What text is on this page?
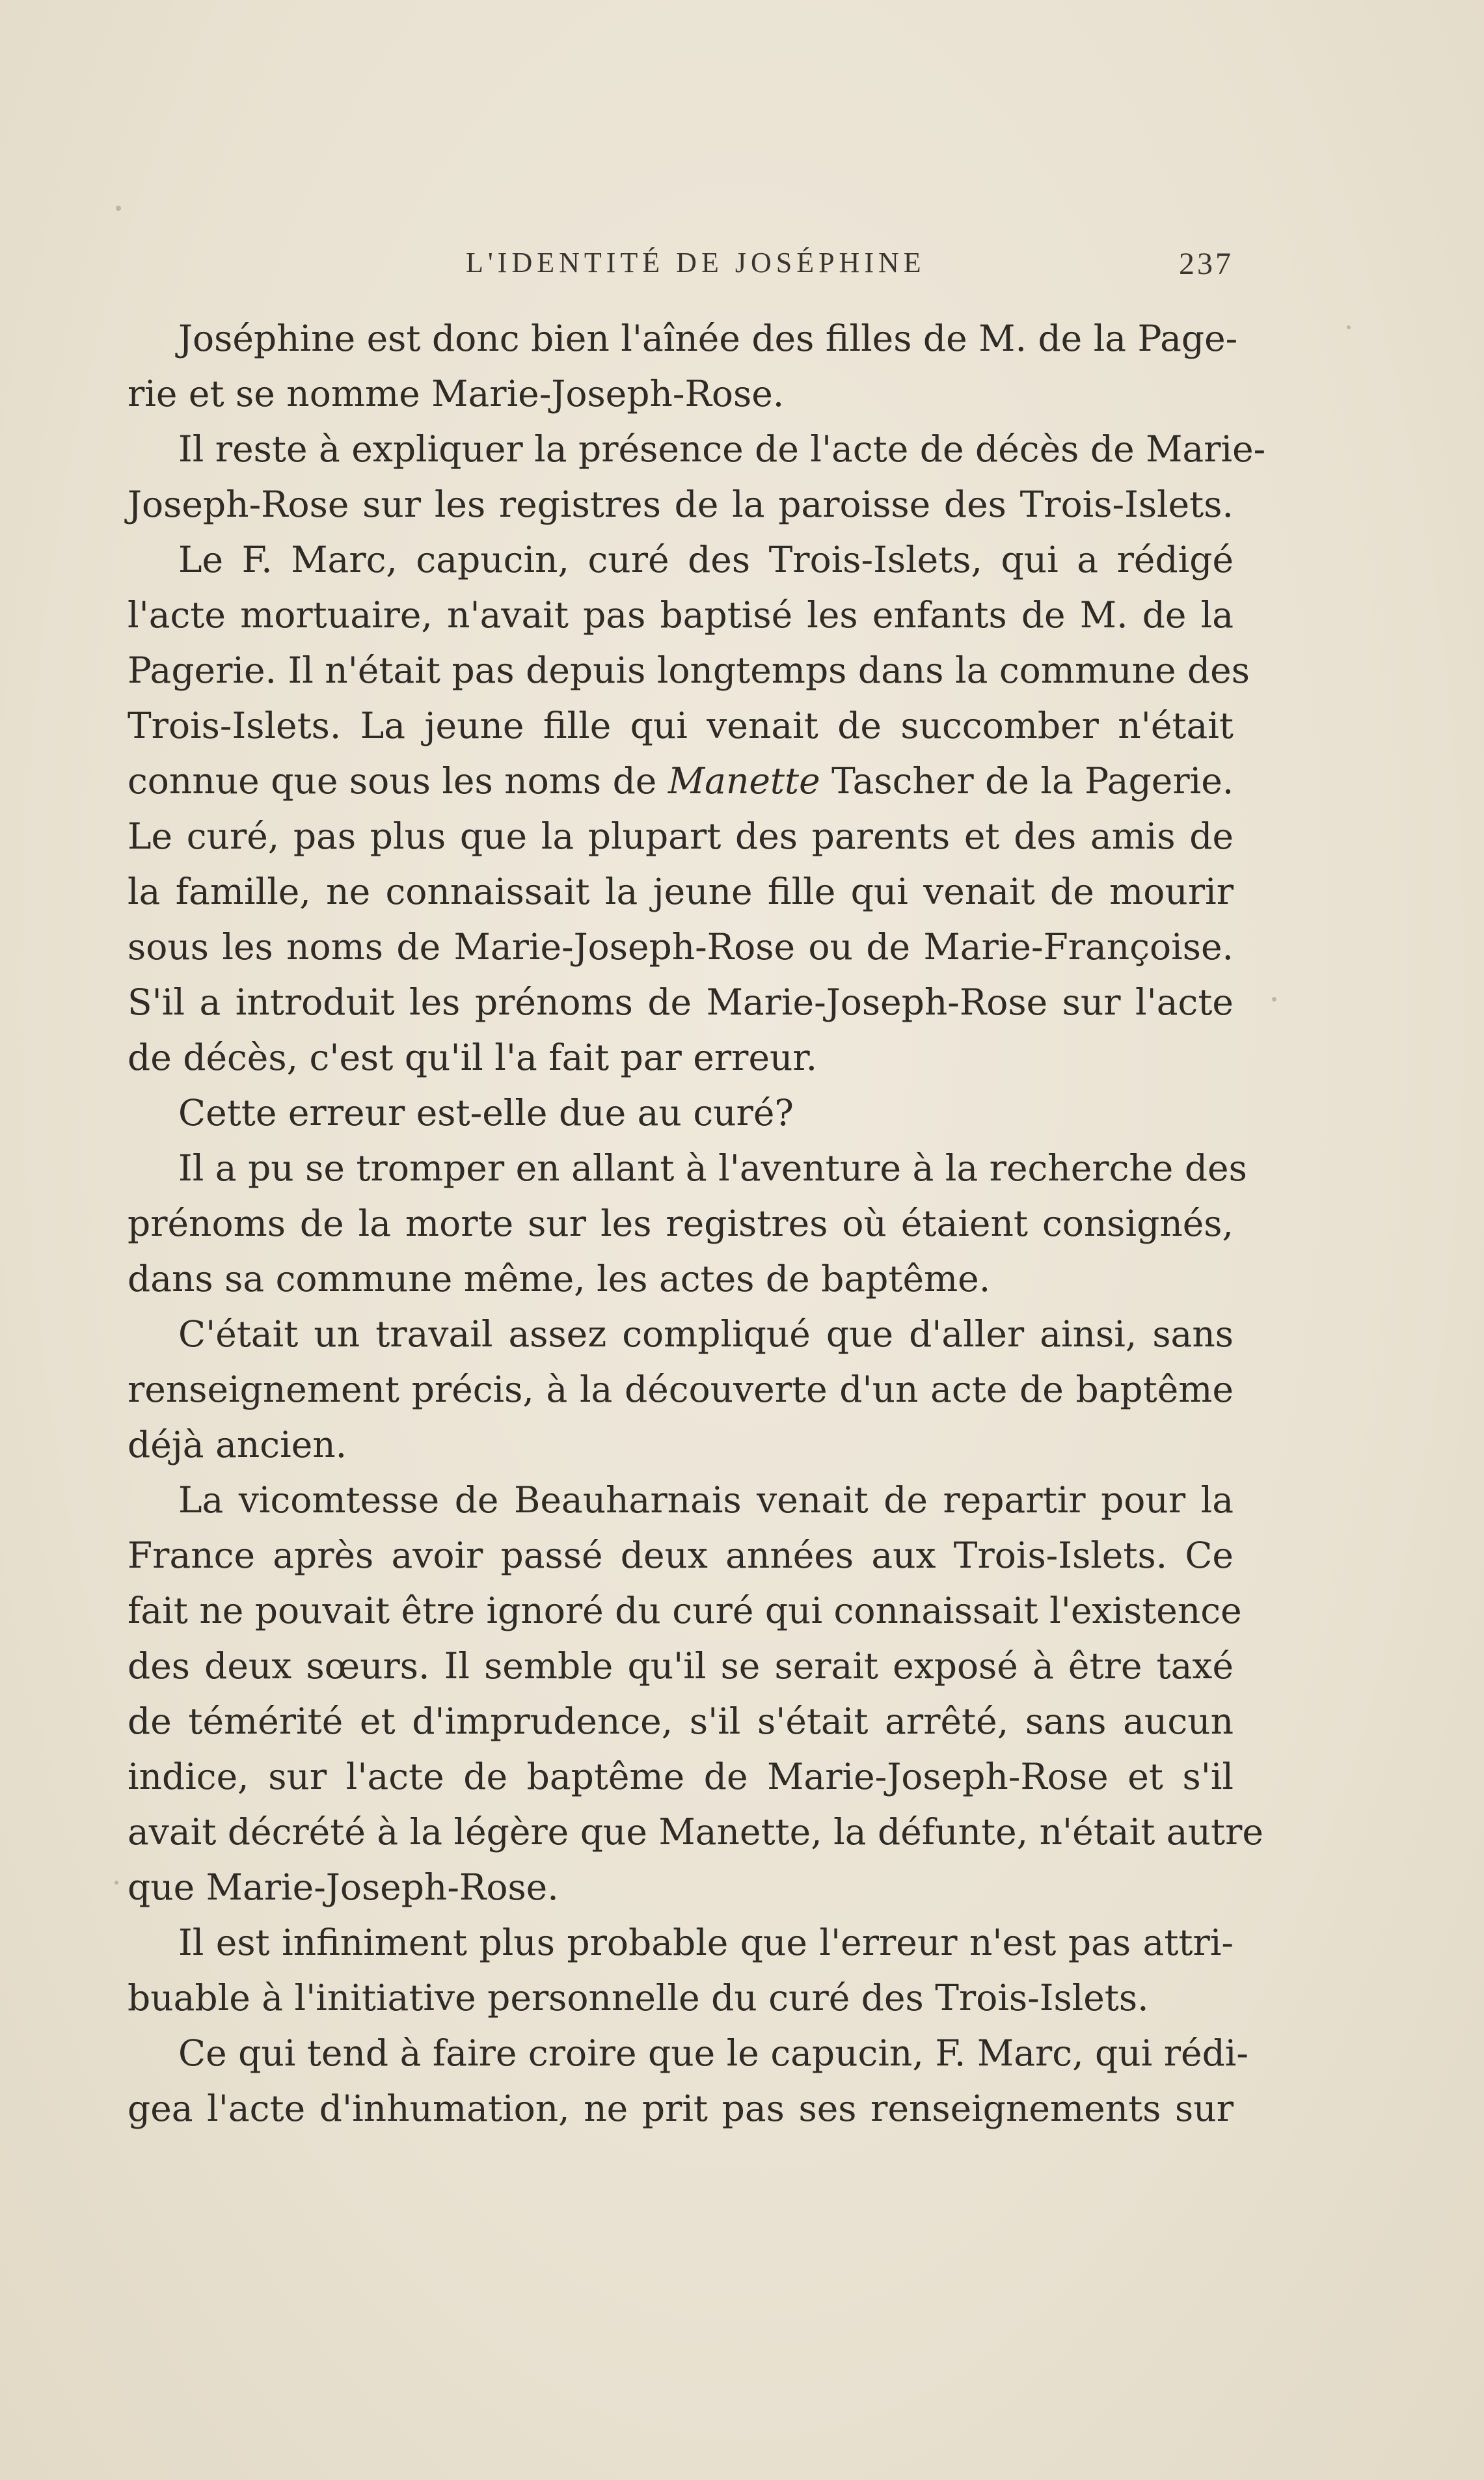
L'IDENTITÉ DE JOSÉPHINE	237
Joséphine est donc bien l'aînée des filles de M. de la Page-
rie et se nomme Marie-Joseph-Rose.
Il reste à expliquer la présence de l'acte de décès de Marie-
Joseph-Rose sur les registres de la paroisse des Trois-Islets.
Le F. Marc, capucin, curé des Trois-Islets, qui a rédigé
l'acte mortuaire, n'avait pas baptisé les enfants de M. de la
Pagerie. Il n'était pas depuis longtemps dans la commune des
Trois-Islets. La jeune fille qui venait de succomber n'était
connue que sous les noms de Manette Tascher de la Pagerie.
Le curé, pas plus que la plupart des parents et des amis de
la famille, ne connaissait la jeune fille qui venait de mourir
sous les noms de Marie-Joseph-Rose ou de Marie-Françoise.
S'il a introduit les prénoms de Marie-Joseph-Rose sur l'acte
de décès, c'est qu'il l'a fait par erreur.
Cette erreur est-elle due au curé?
Il a pu se tromper en allant à l'aventure à la recherche des
prénoms de la morte sur les registres où étaient consignés,
dans sa commune même, les actes de baptême.
C'était un travail assez compliqué que d'aller ainsi, sans
renseignement précis, à la découverte d'un acte de baptême
déjà ancien.
La vicomtesse de Beauharnais venait de repartir pour la
France après avoir passé deux années aux Trois-Islets. Ce
fait ne pouvait être ignoré du curé qui connaissait l'existence
des deux sœurs. Il semble qu'il se serait exposé à être taxé
de témérité et d'imprudence, s'il s'était arrêté, sans aucun
indice, sur l'acte de baptême de Marie-Joseph-Rose et s'il
avait décrété à la légère que Manette, la défunte, n'était autre
que Marie-Joseph-Rose.
Il est infiniment plus probable que l'erreur n'est pas attri-
buable à l'initiative personnelle du curé des Trois-Islets.
Ce qui tend à faire croire que le capucin, F. Marc, qui rédi-
gea l'acte d'inhumation, ne prit pas ses renseignements sur
